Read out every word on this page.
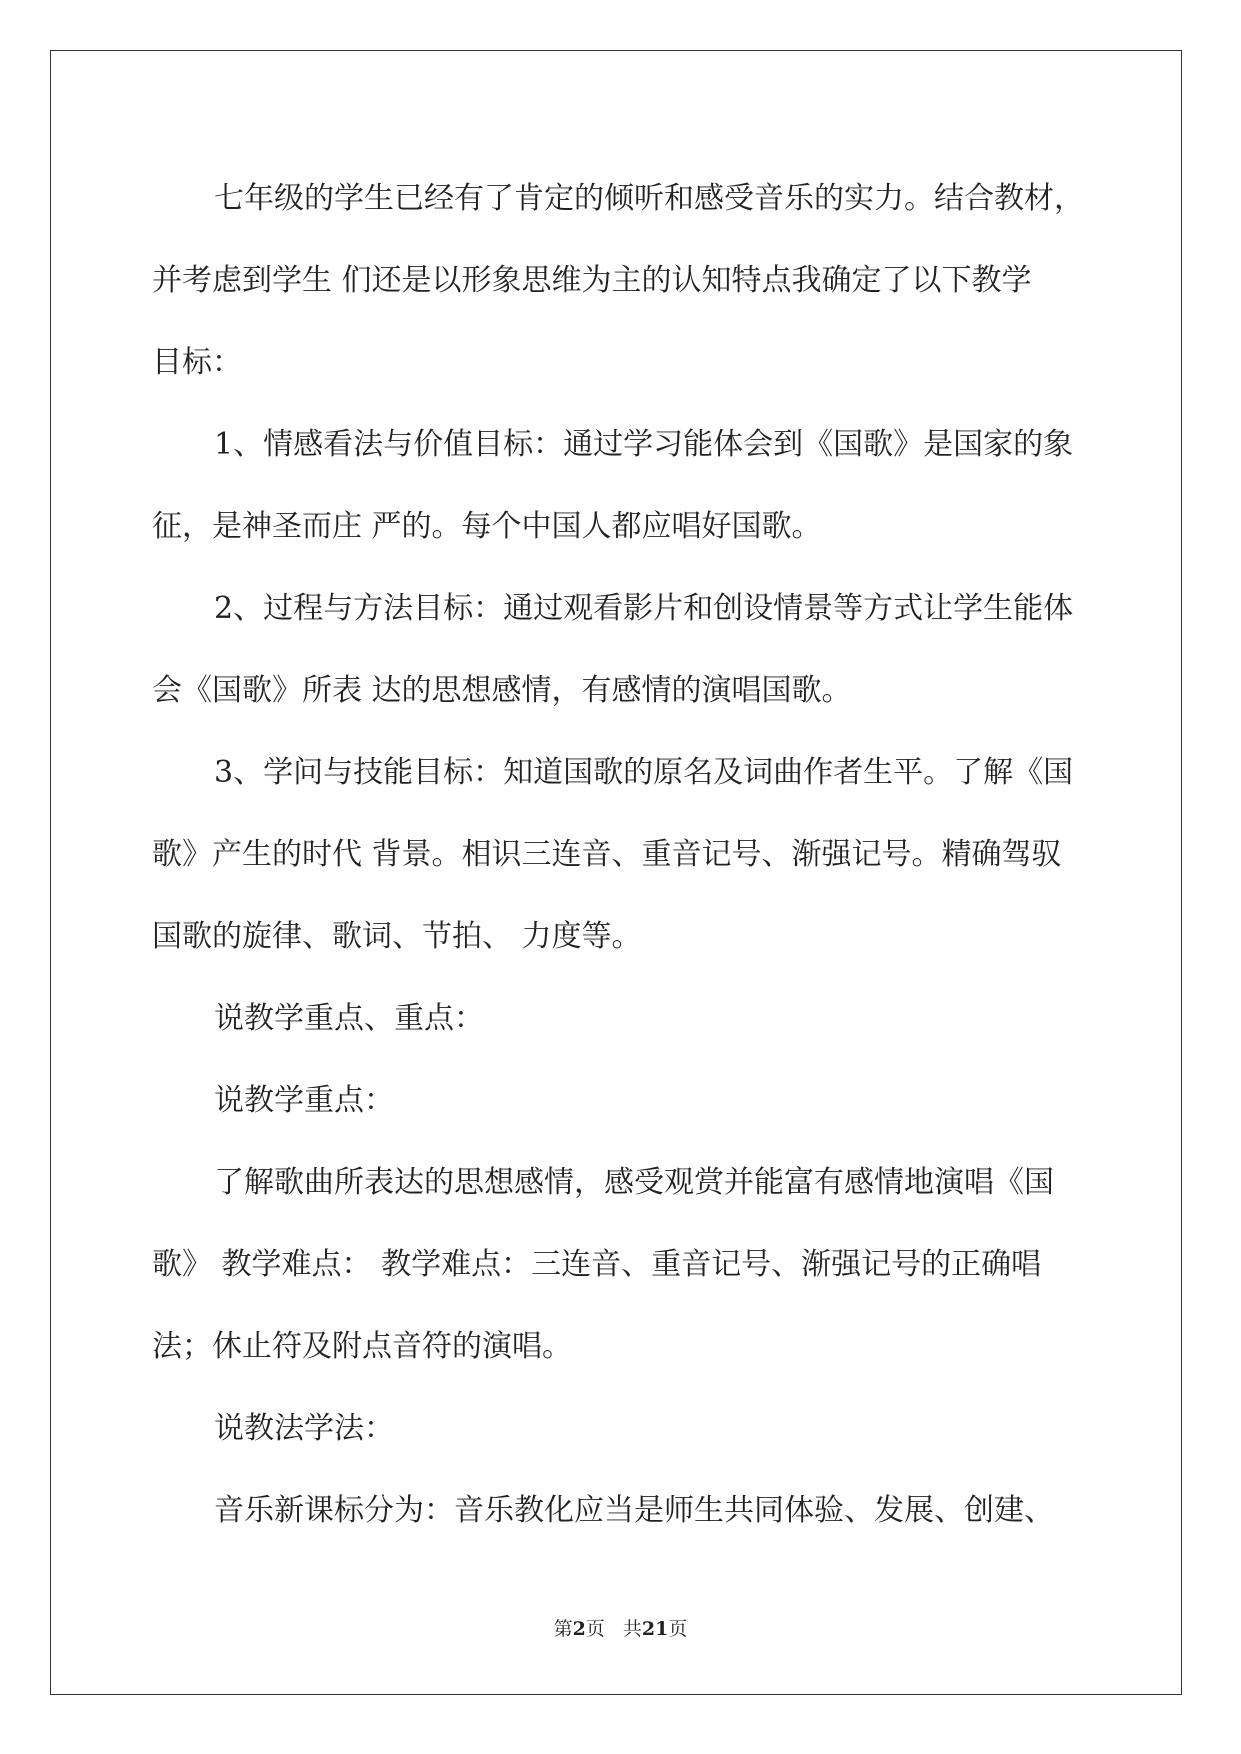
七年级的学生已经有了肯定的倾听和感受音乐的实力。结合教材，
并考虑到学生 们还是以形象思维为主的认知特点我确定了以下教学
目标：
1、情感看法与价值目标：通过学习能体会到《国歌》是国家的象
征，是神圣而庄 严的。每个中国人都应唱好国歌。
2、过程与方法目标：通过观看影片和创设情景等方式让学生能体
会《国歌》所表 达的思想感情，有感情的演唱国歌。
3、学问与技能目标：知道国歌的原名及词曲作者生平。了解《国
歌》产生的时代 背景。相识三连音、重音记号、渐强记号。精确驾驭
国歌的旋律、歌词、节拍、 力度等。
说教学重点、重点：
说教学重点：
了解歌曲所表达的思想感情，感受观赏并能富有感情地演唱《国
歌》 教学难点： 教学难点：三连音、重音记号、渐强记号的正确唱
法；休止符及附点音符的演唱。
说教法学法：
音乐新课标分为：音乐教化应当是师生共同体验、发展、创建、
第2页 共21页
